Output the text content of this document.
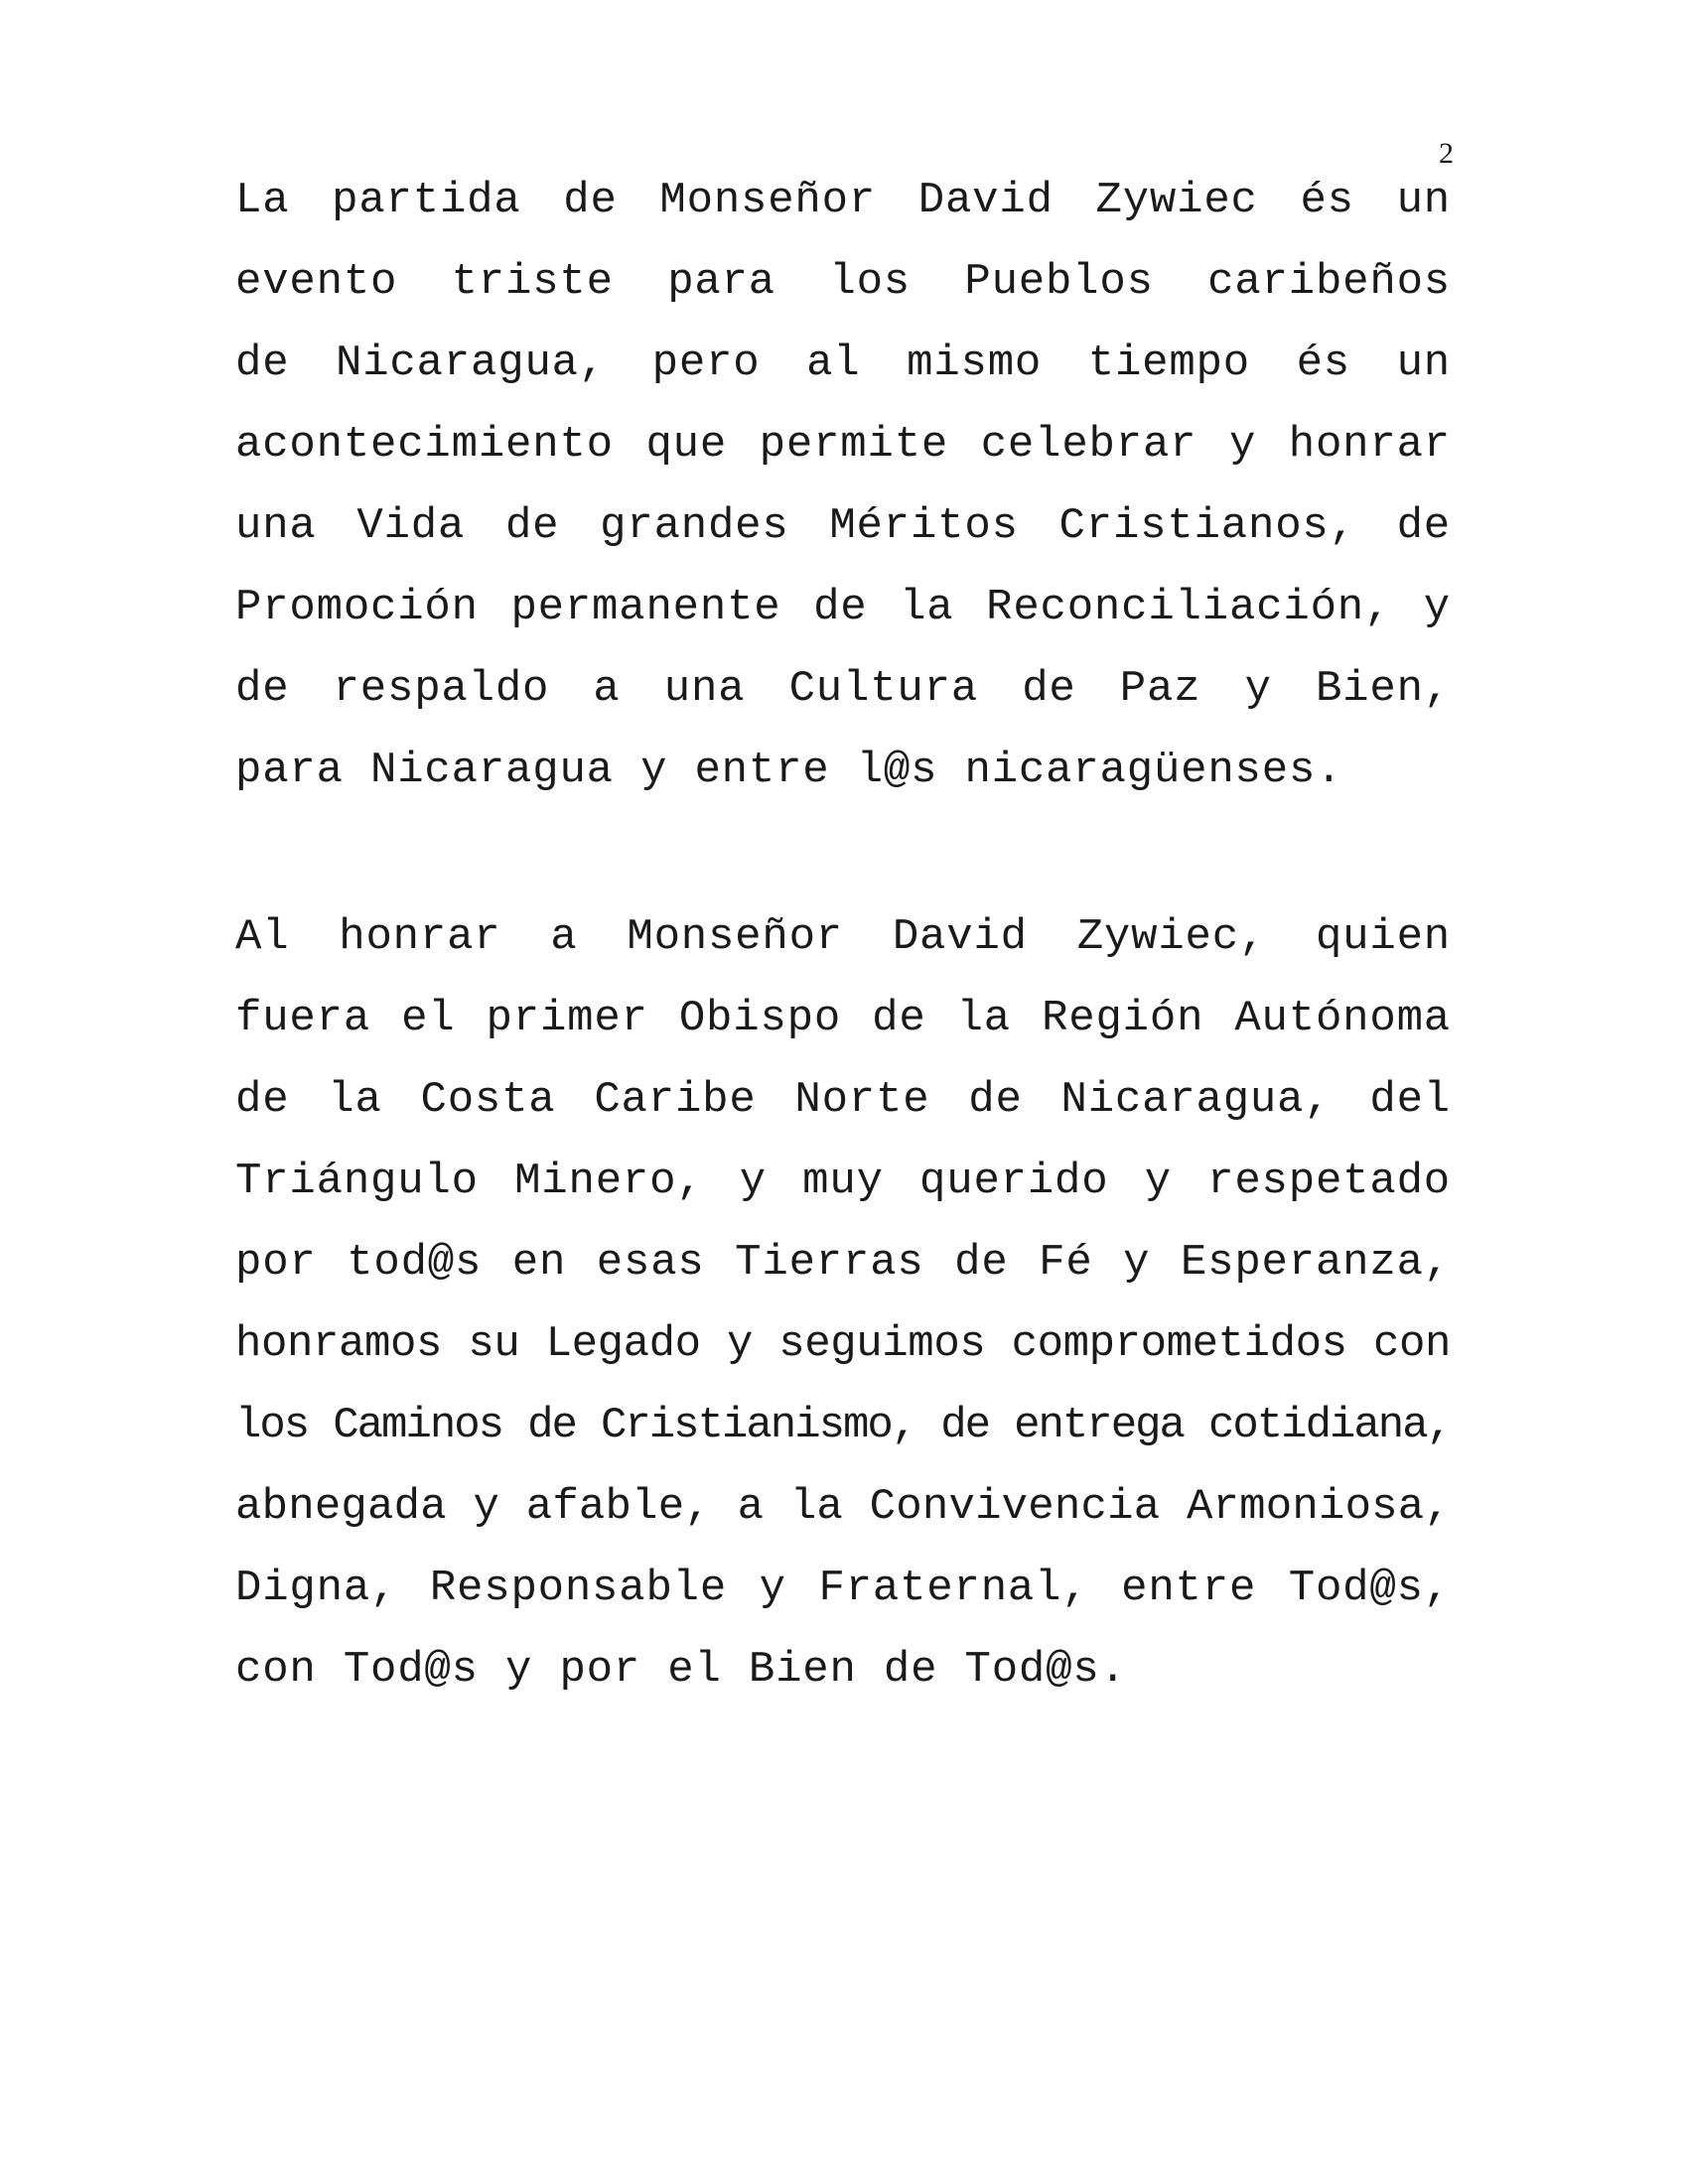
2
La partida de Monseñor David Zywiec és un
evento triste para los Pueblos caribeños
de Nicaragua, pero al mismo tiempo és un
acontecimiento que permite celebrar y honrar
una Vida de grandes Méritos Cristianos, de
Promoción permanente de la Reconciliación, y
de respaldo a una Cultura de Paz y Bien,
para Nicaragua y entre l@s nicaragüenses.
Al honrar a Monseñor David Zywiec, quien
fuera el primer Obispo de la Región Autónoma
de la Costa Caribe Norte de Nicaragua, del
Triángulo Minero, y muy querido y respetado
por tod@s en esas Tierras de Fé y Esperanza,
honramos su Legado y seguimos comprometidos con
los Caminos de Cristianismo, de entrega cotidiana,
abnegada y afable, a la Convivencia Armoniosa,
Digna, Responsable y Fraternal, entre Tod@s,
con Tod@s y por el Bien de Tod@s.
